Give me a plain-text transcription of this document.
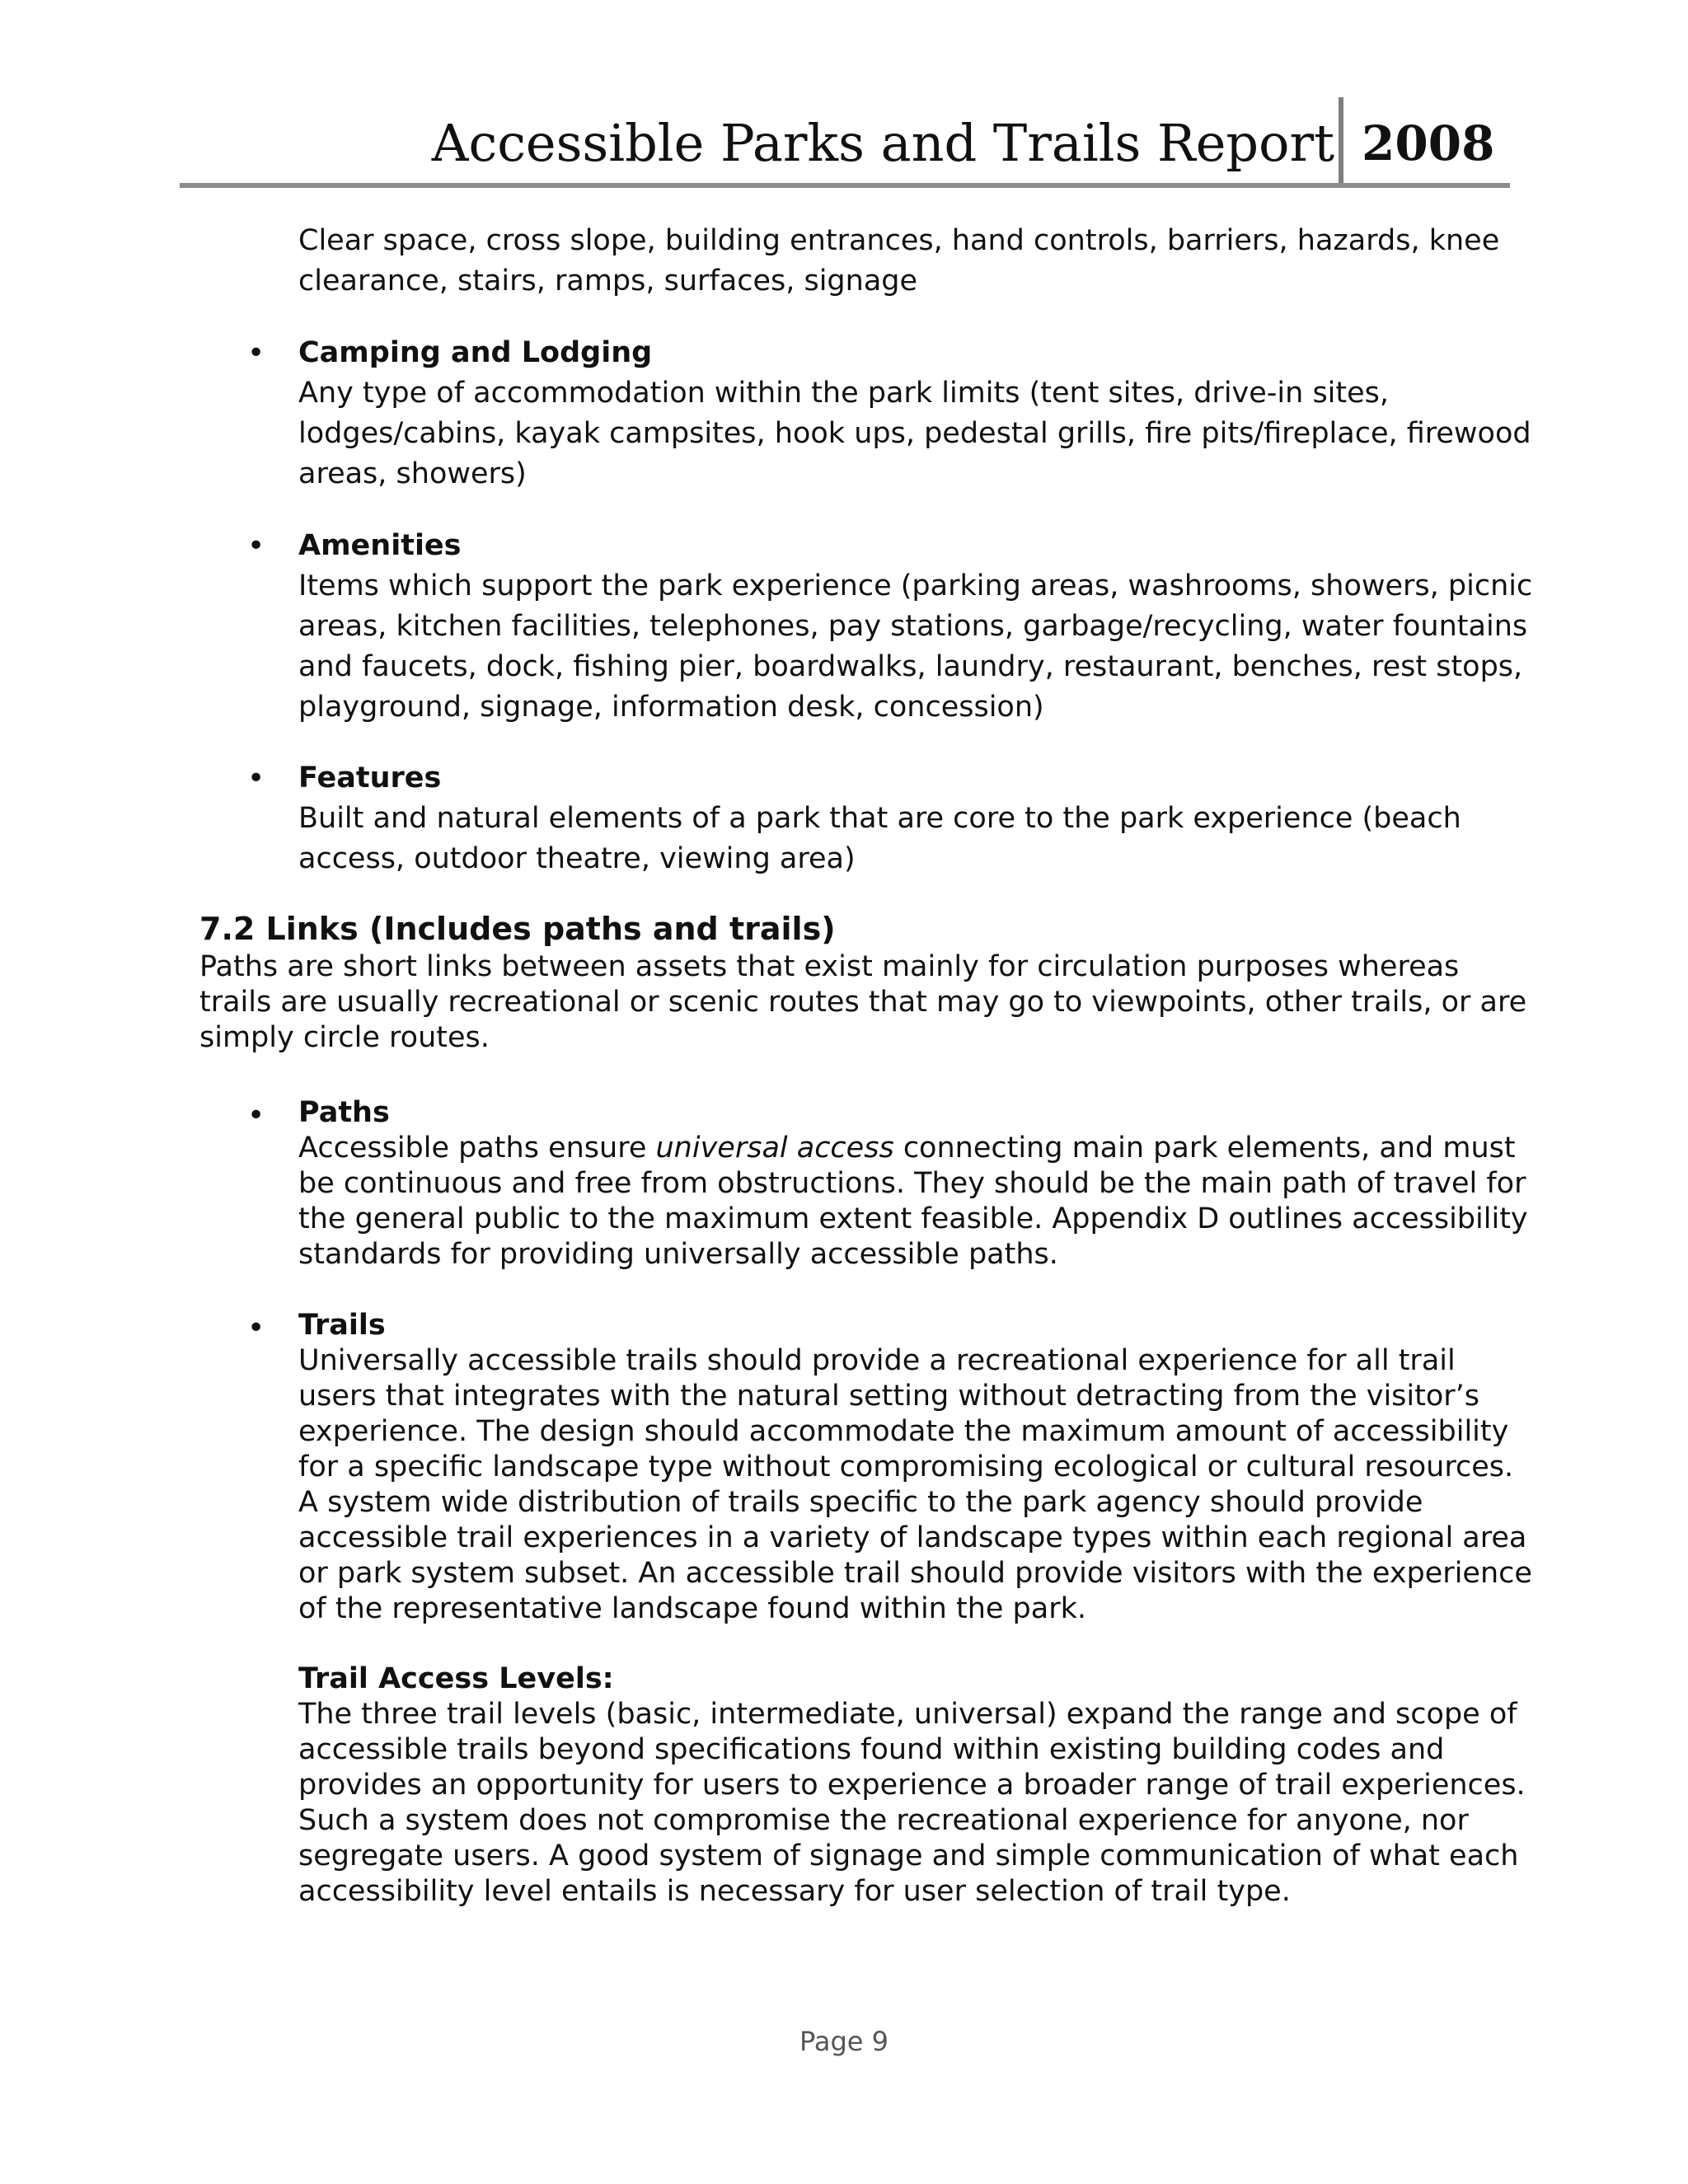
Accessible Parks and Trails Report 2008
Clear space, cross slope, building entrances, hand controls, barriers, hazards, knee clearance, stairs, ramps, surfaces, signage
• Camping and Lodging
Any type of accommodation within the park limits (tent sites, drive-in sites, lodges/cabins, kayak campsites, hook ups, pedestal grills, fire pits/fireplace, firewood areas, showers)
• Amenities
Items which support the park experience (parking areas, washrooms, showers, picnic areas, kitchen facilities, telephones, pay stations, garbage/recycling, water fountains and faucets, dock, fishing pier, boardwalks, laundry, restaurant, benches, rest stops, playground, signage, information desk, concession)
• Features
Built and natural elements of a park that are core to the park experience (beach access, outdoor theatre, viewing area)
7.2 Links (Includes paths and trails)
Paths are short links between assets that exist mainly for circulation purposes whereas trails are usually recreational or scenic routes that may go to viewpoints, other trails, or are simply circle routes.
• Paths
Accessible paths ensure universal access connecting main park elements, and must be continuous and free from obstructions. They should be the main path of travel for the general public to the maximum extent feasible. Appendix D outlines accessibility standards for providing universally accessible paths.
• Trails
Universally accessible trails should provide a recreational experience for all trail users that integrates with the natural setting without detracting from the visitor’s experience. The design should accommodate the maximum amount of accessibility for a specific landscape type without compromising ecological or cultural resources. A system wide distribution of trails specific to the park agency should provide accessible trail experiences in a variety of landscape types within each regional area or park system subset. An accessible trail should provide visitors with the experience of the representative landscape found within the park.
Trail Access Levels:
The three trail levels (basic, intermediate, universal) expand the range and scope of accessible trails beyond specifications found within existing building codes and provides an opportunity for users to experience a broader range of trail experiences. Such a system does not compromise the recreational experience for anyone, nor segregate users. A good system of signage and simple communication of what each accessibility level entails is necessary for user selection of trail type.
Page 9
